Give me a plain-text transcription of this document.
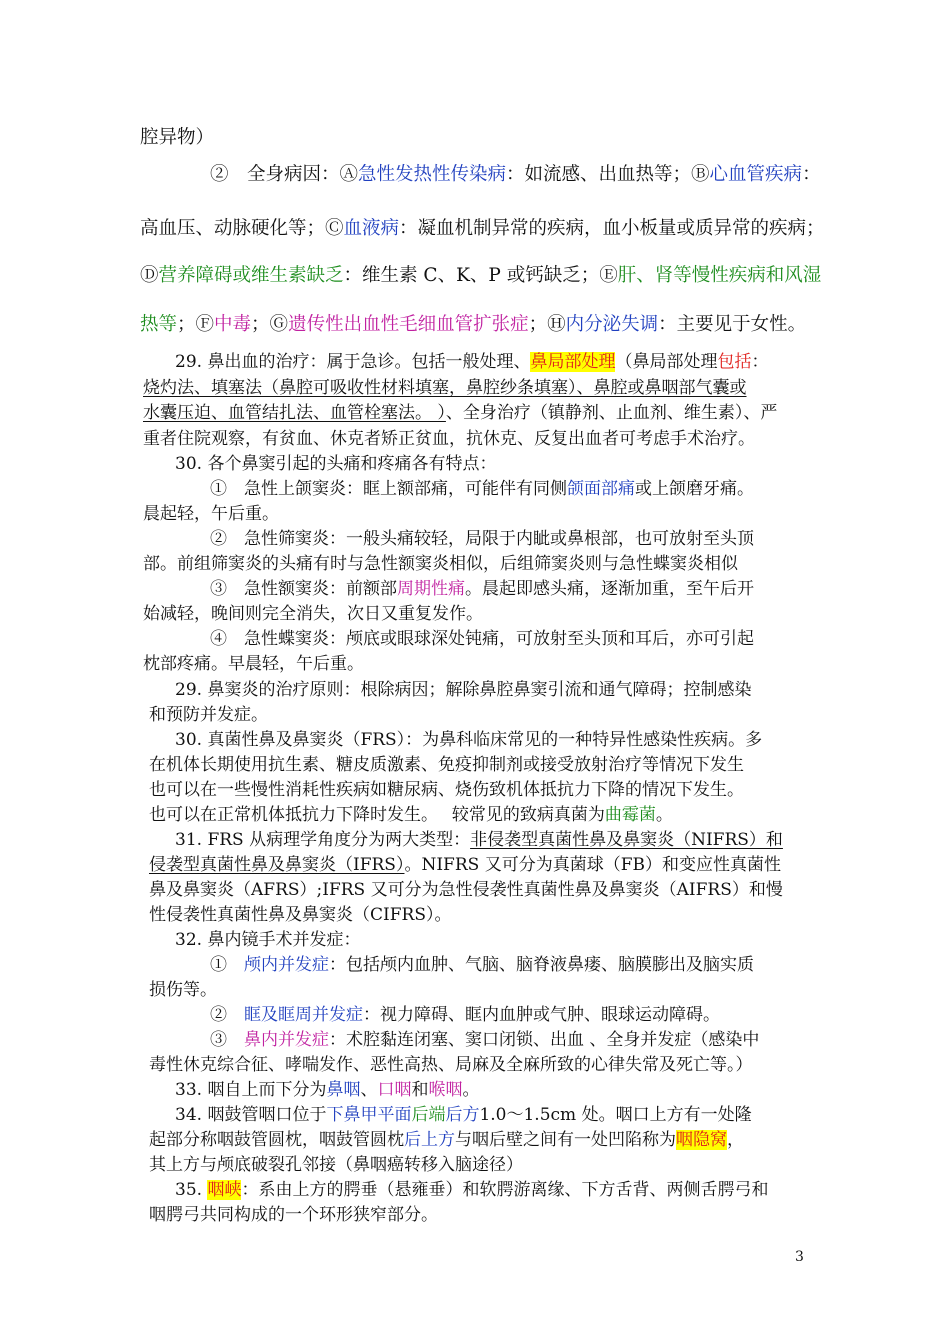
腔异物）
②　全身病因：Ⓐ急性发热性传染病：如流感、出血热等；Ⓑ心血管疾病：
高血压、动脉硬化等；Ⓒ血液病：凝血机制异常的疾病，血小板量或质异常的疾病；
Ⓓ营养障碍或维生素缺乏：维生素 C、K、P 或钙缺乏；Ⓔ肝、肾等慢性疾病和风湿
热等；Ⓕ中毒；Ⓖ遗传性出血性毛细血管扩张症；Ⓗ内分泌失调：主要见于女性。
29. 鼻出血的治疗：属于急诊。包括一般处理、鼻局部处理（鼻局部处理包括：
烧灼法、填塞法（鼻腔可吸收性材料填塞，鼻腔纱条填塞）、鼻腔或鼻咽部气囊或
水囊压迫、血管结扎法、血管栓塞法。 ）、全身治疗（镇静剂、止血剂、维生素）、严
重者住院观察，有贫血、休克者矫正贫血，抗休克、反复出血者可考虑手术治疗。
30. 各个鼻窦引起的头痛和疼痛各有特点：
①　急性上颌窦炎：眶上额部痛，可能伴有同侧颌面部痛或上颌磨牙痛。
晨起轻，午后重。
②　急性筛窦炎：一般头痛较轻，局限于内眦或鼻根部，也可放射至头顶
部。前组筛窦炎的头痛有时与急性额窦炎相似，后组筛窦炎则与急性蝶窦炎相似
③　急性额窦炎：前额部周期性痛。晨起即感头痛，逐渐加重，至午后开
始减轻，晚间则完全消失，次日又重复发作。
④　急性蝶窦炎：颅底或眼球深处钝痛，可放射至头顶和耳后，亦可引起
枕部疼痛。早晨轻，午后重。
29. 鼻窦炎的治疗原则：根除病因；解除鼻腔鼻窦引流和通气障碍；控制感染
和预防并发症。
30. 真菌性鼻及鼻窦炎（FRS）：为鼻科临床常见的一种特异性感染性疾病。多
在机体长期使用抗生素、糖皮质激素、免疫抑制剂或接受放射治疗等情况下发生
也可以在一些慢性消耗性疾病如糖尿病、烧伤致机体抵抗力下降的情况下发生。
也可以在正常机体抵抗力下降时发生。　 较常见的致病真菌为曲霉菌。
31. FRS 从病理学角度分为两大类型：非侵袭型真菌性鼻及鼻窦炎（NIFRS）和
侵袭型真菌性鼻及鼻窦炎（IFRS）。NIFRS 又可分为真菌球（FB）和变应性真菌性
鼻及鼻窦炎（AFRS）;IFRS 又可分为急性侵袭性真菌性鼻及鼻窦炎（AIFRS）和慢
性侵袭性真菌性鼻及鼻窦炎（CIFRS）。
32. 鼻内镜手术并发症：
①　颅内并发症：包括颅内血肿、气脑、脑脊液鼻瘘、脑膜膨出及脑实质
损伤等。
②　眶及眶周并发症：视力障碍、眶内血肿或气肿、眼球运动障碍。
③　鼻内并发症：术腔黏连闭塞、窦口闭锁、出血 、全身并发症（感染中
毒性休克综合征、哮喘发作、恶性高热、局麻及全麻所致的心律失常及死亡等。）
33. 咽自上而下分为鼻咽、口咽和喉咽。
34. 咽鼓管咽口位于下鼻甲平面后端后方1.0～1.5cm 处。咽口上方有一处隆
起部分称咽鼓管圆枕，咽鼓管圆枕后上方与咽后壁之间有一处凹陷称为咽隐窝，
其上方与颅底破裂孔邻接（鼻咽癌转移入脑途径）
35. 咽峡：系由上方的腭垂（悬雍垂）和软腭游离缘、下方舌背、两侧舌腭弓和
咽腭弓共同构成的一个环形狭窄部分。
3
